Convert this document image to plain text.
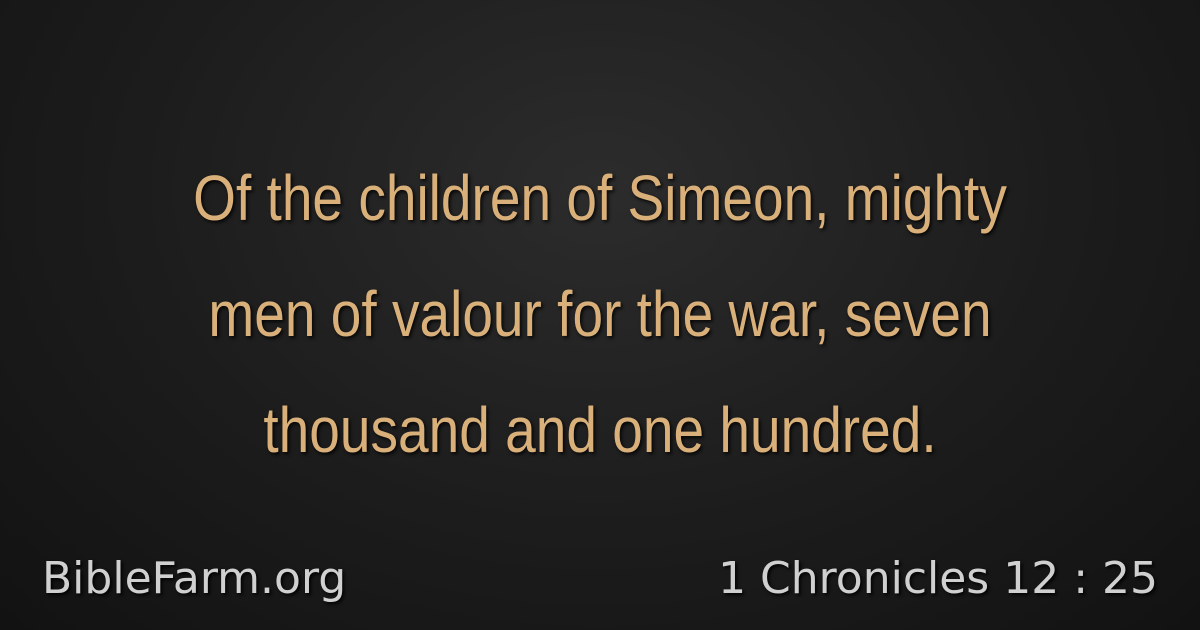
Of the children of Simeon, mighty
men of valour for the war, seven
thousand and one hundred.
BibleFarm.org	1 Chronicles 12 : 25
